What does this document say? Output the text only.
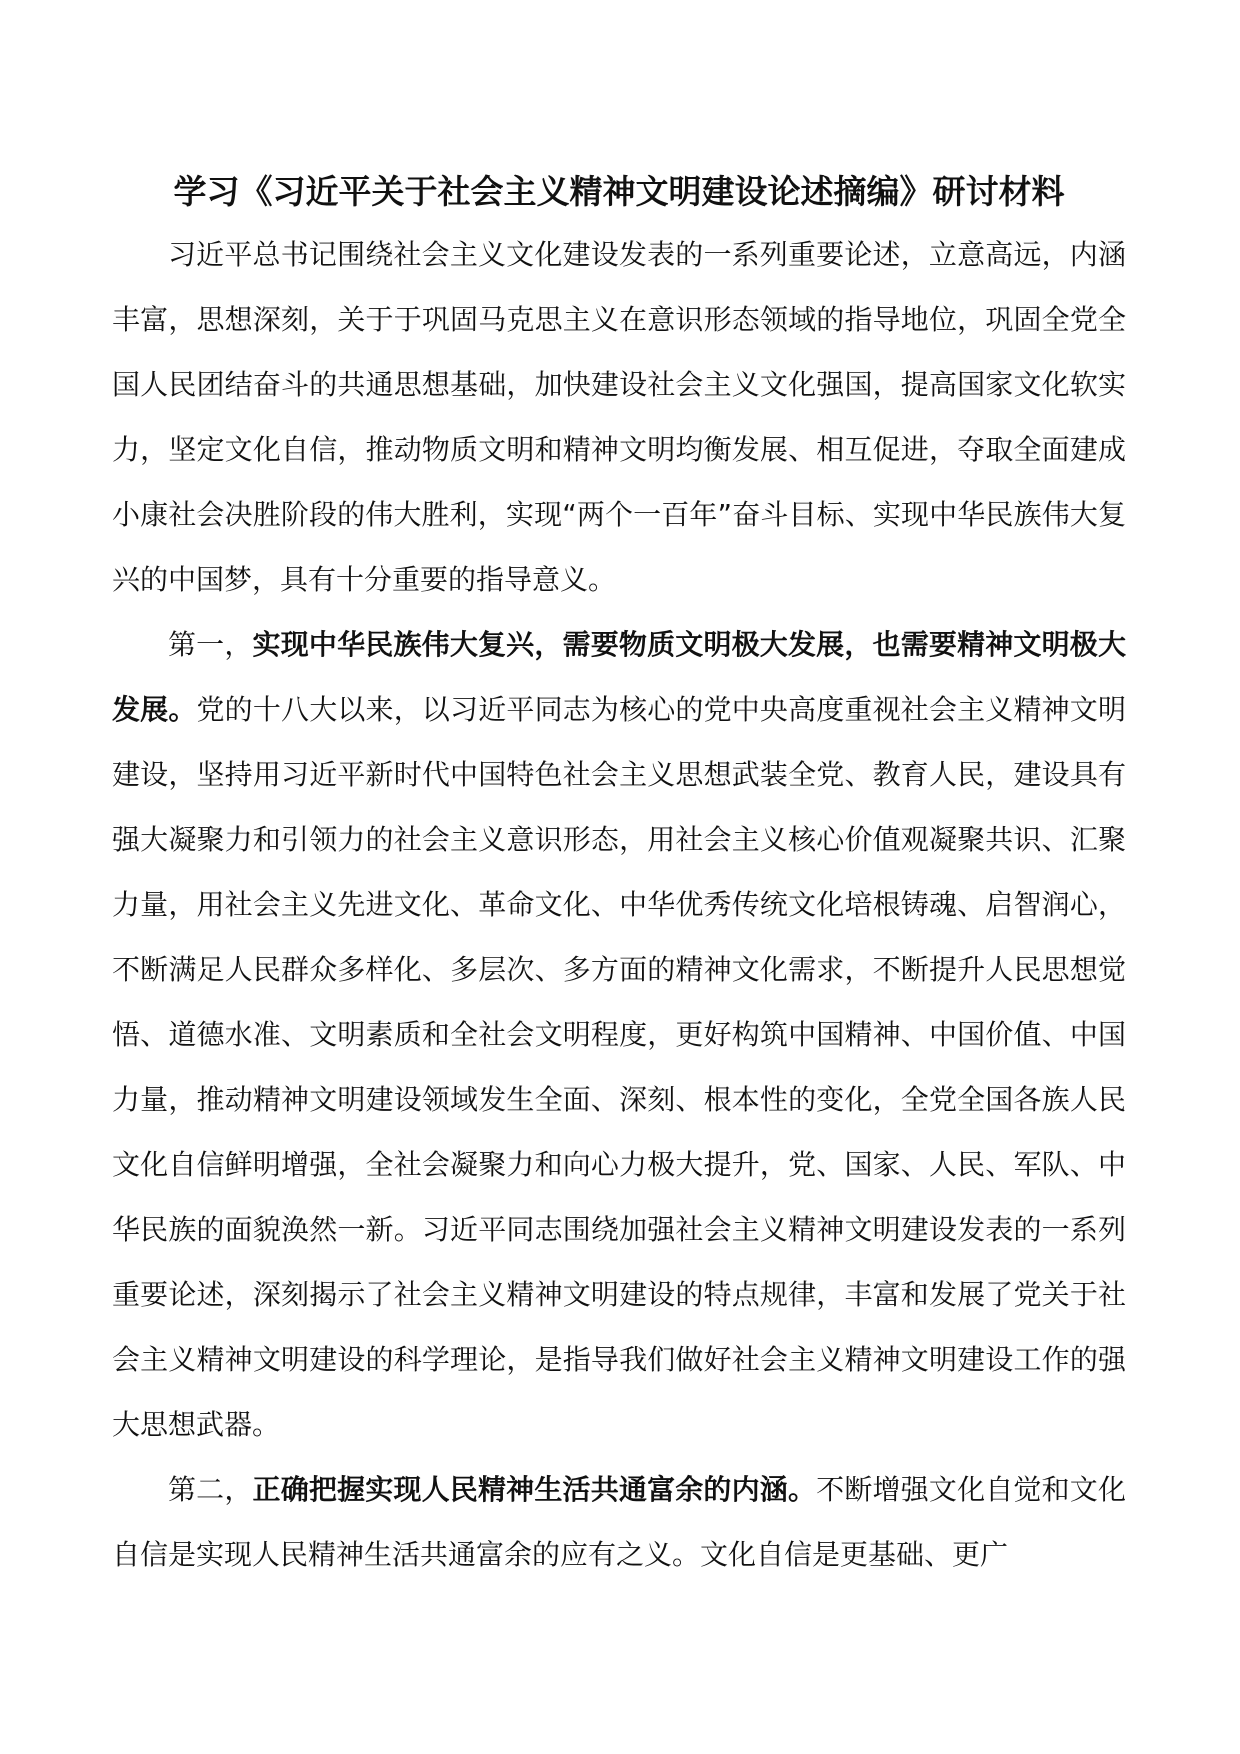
学习《习近平关于社会主义精神文明建设论述摘编》研讨材料

习近平总书记围绕社会主义文化建设发表的一系列重要论述，立意高远，内涵丰富，思想深刻，关于于巩固马克思主义在意识形态领域的指导地位，巩固全党全国人民团结奋斗的共通思想基础，加快建设社会主义文化强国，提高国家文化软实力，坚定文化自信，推动物质文明和精神文明均衡发展、相互促进，夺取全面建成小康社会决胜阶段的伟大胜利，实现“两个一百年”奋斗目标、实现中华民族伟大复兴的中国梦，具有十分重要的指导意义。

第一，实现中华民族伟大复兴，需要物质文明极大发展，也需要精神文明极大发展。党的十八大以来，以习近平同志为核心的党中央高度重视社会主义精神文明建设，坚持用习近平新时代中国特色社会主义思想武装全党、教育人民，建设具有强大凝聚力和引领力的社会主义意识形态，用社会主义核心价值观凝聚共识、汇聚力量，用社会主义先进文化、革命文化、中华优秀传统文化培根铸魂、启智润心，不断满足人民群众多样化、多层次、多方面的精神文化需求，不断提升人民思想觉悟、道德水准、文明素质和全社会文明程度，更好构筑中国精神、中国价值、中国力量，推动精神文明建设领域发生全面、深刻、根本性的变化，全党全国各族人民文化自信鲜明增强，全社会凝聚力和向心力极大提升，党、国家、人民、军队、中华民族的面貌涣然一新。习近平同志围绕加强社会主义精神文明建设发表的一系列重要论述，深刻揭示了社会主义精神文明建设的特点规律，丰富和发展了党关于社会主义精神文明建设的科学理论，是指导我们做好社会主义精神文明建设工作的强大思想武器。

第二，正确把握实现人民精神生活共通富余的内涵。不断增强文化自觉和文化自信是实现人民精神生活共通富余的应有之义。文化自信是更基础、更广
